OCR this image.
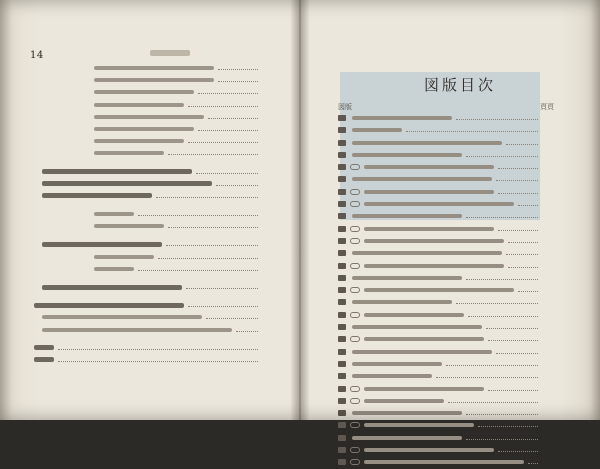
14
図版目次
図版	頁頁
